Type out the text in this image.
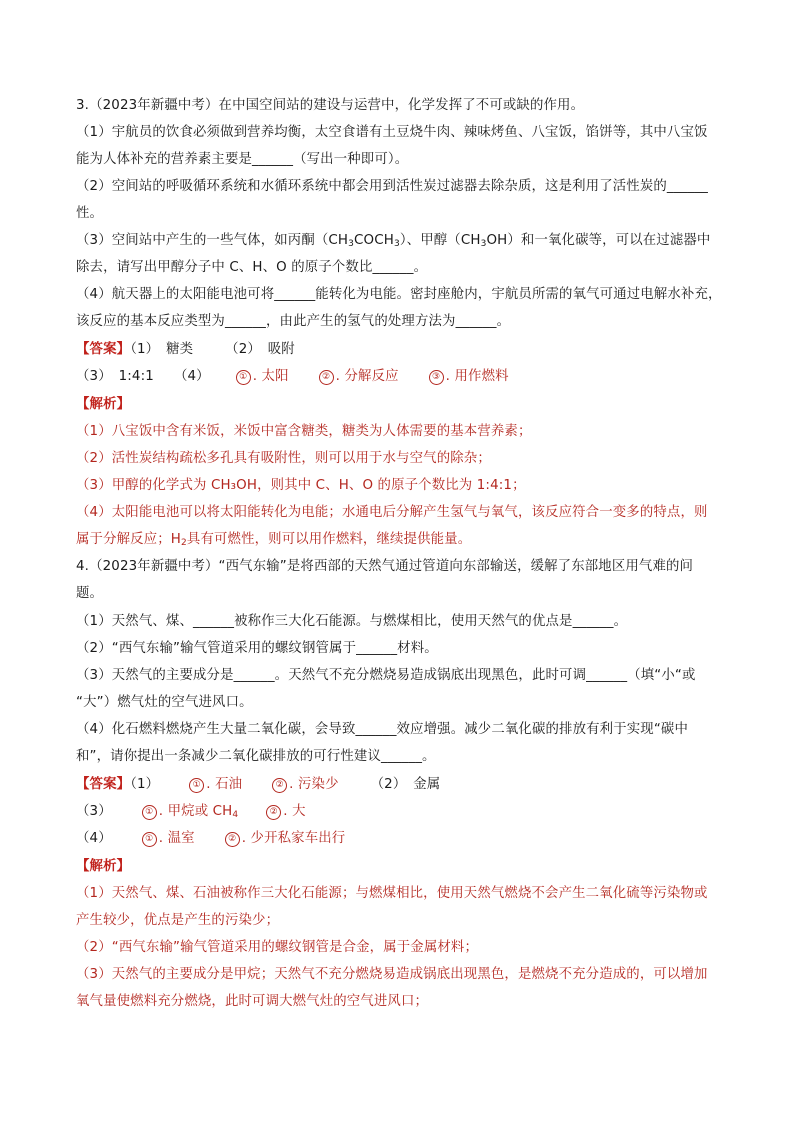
3.（2023年新疆中考）在中国空间站的建设与运营中，化学发挥了不可或缺的作用。
（1）宇航员的饮食必须做到营养均衡，太空食谱有土豆烧牛肉、辣味烤鱼、八宝饭，馅饼等，其中八宝饭
能为人体补充的营养素主要是______（写出一种即可）。
（2）空间站的呼吸循环系统和水循环系统中都会用到活性炭过滤器去除杂质，这是利用了活性炭的______
性。
（3）空间站中产生的一些气体，如丙酮$(CH_3COCH_3)$、甲醇$(CH_3OH)$和一氧化碳等，可以在过滤器中
除去，请写出甲醇分子中 C、H、O 的原子个数比______。
（4）航天器上的太阳能电池可将______能转化为电能。密封座舱内，宇航员所需的氧气可通过电解水补充，
该反应的基本反应类型为______，由此产生的氢气的处理方法为______。
【答案】（1）　糖类 （2）　吸附
（3）　1:4:1 （4）	① . 太阳	② . 分解反应	③ . 用作燃料
【解析】
（1）八宝饭中含有米饭，米饭中富含糖类，糖类为人体需要的基本营养素；
（2）活性炭结构疏松多孔具有吸附性，则可以用于水与空气的除杂；
（3）甲醇的化学式为 CH₃OH，则其中 C、H、O 的原子个数比为 1:4:1；
（4）太阳能电池可以将太阳能转化为电能；水通电后分解产生氢气与氧气，该反应符合一变多的特点，则
属于分解反应；$H_2$具有可燃性，则可以用作燃料，继续提供能量。
4.（2023年新疆中考）“西气东输”是将西部的天然气通过管道向东部输送，缓解了东部地区用气难的问
题。
（1）天然气、煤、______被称作三大化石能源。与燃煤相比，使用天然气的优点是______。
（2）“西气东输”输气管道采用的螺纹钢管属于______材料。
（3）天然气的主要成分是______。天然气不充分燃烧易造成锅底出现黑色，此时可调______（填“小“或
“大”）燃气灶的空气进风口。
（4）化石燃料燃烧产生大量二氧化碳，会导致______效应增强。减少二氧化碳的排放有利于实现“碳中
和”，请你提出一条减少二氧化碳排放的可行性建议______。
【答案】（1）	① . 石油	② . 污染少 （2）　金属
（3）	① . 甲烷或 $CH_4$	② . 大
（4）	① . 温室	② . 少开私家车出行
【解析】
（1）天然气、煤、石油被称作三大化石能源；与燃煤相比，使用天然气燃烧不会产生二氧化硫等污染物或
产生较少，优点是产生的污染少；
（2）“西气东输”输气管道采用的螺纹钢管是合金，属于金属材料；
（3）天然气的主要成分是甲烷；天然气不充分燃烧易造成锅底出现黑色，是燃烧不充分造成的，可以增加
氧气量使燃料充分燃烧，此时可调大燃气灶的空气进风口；
